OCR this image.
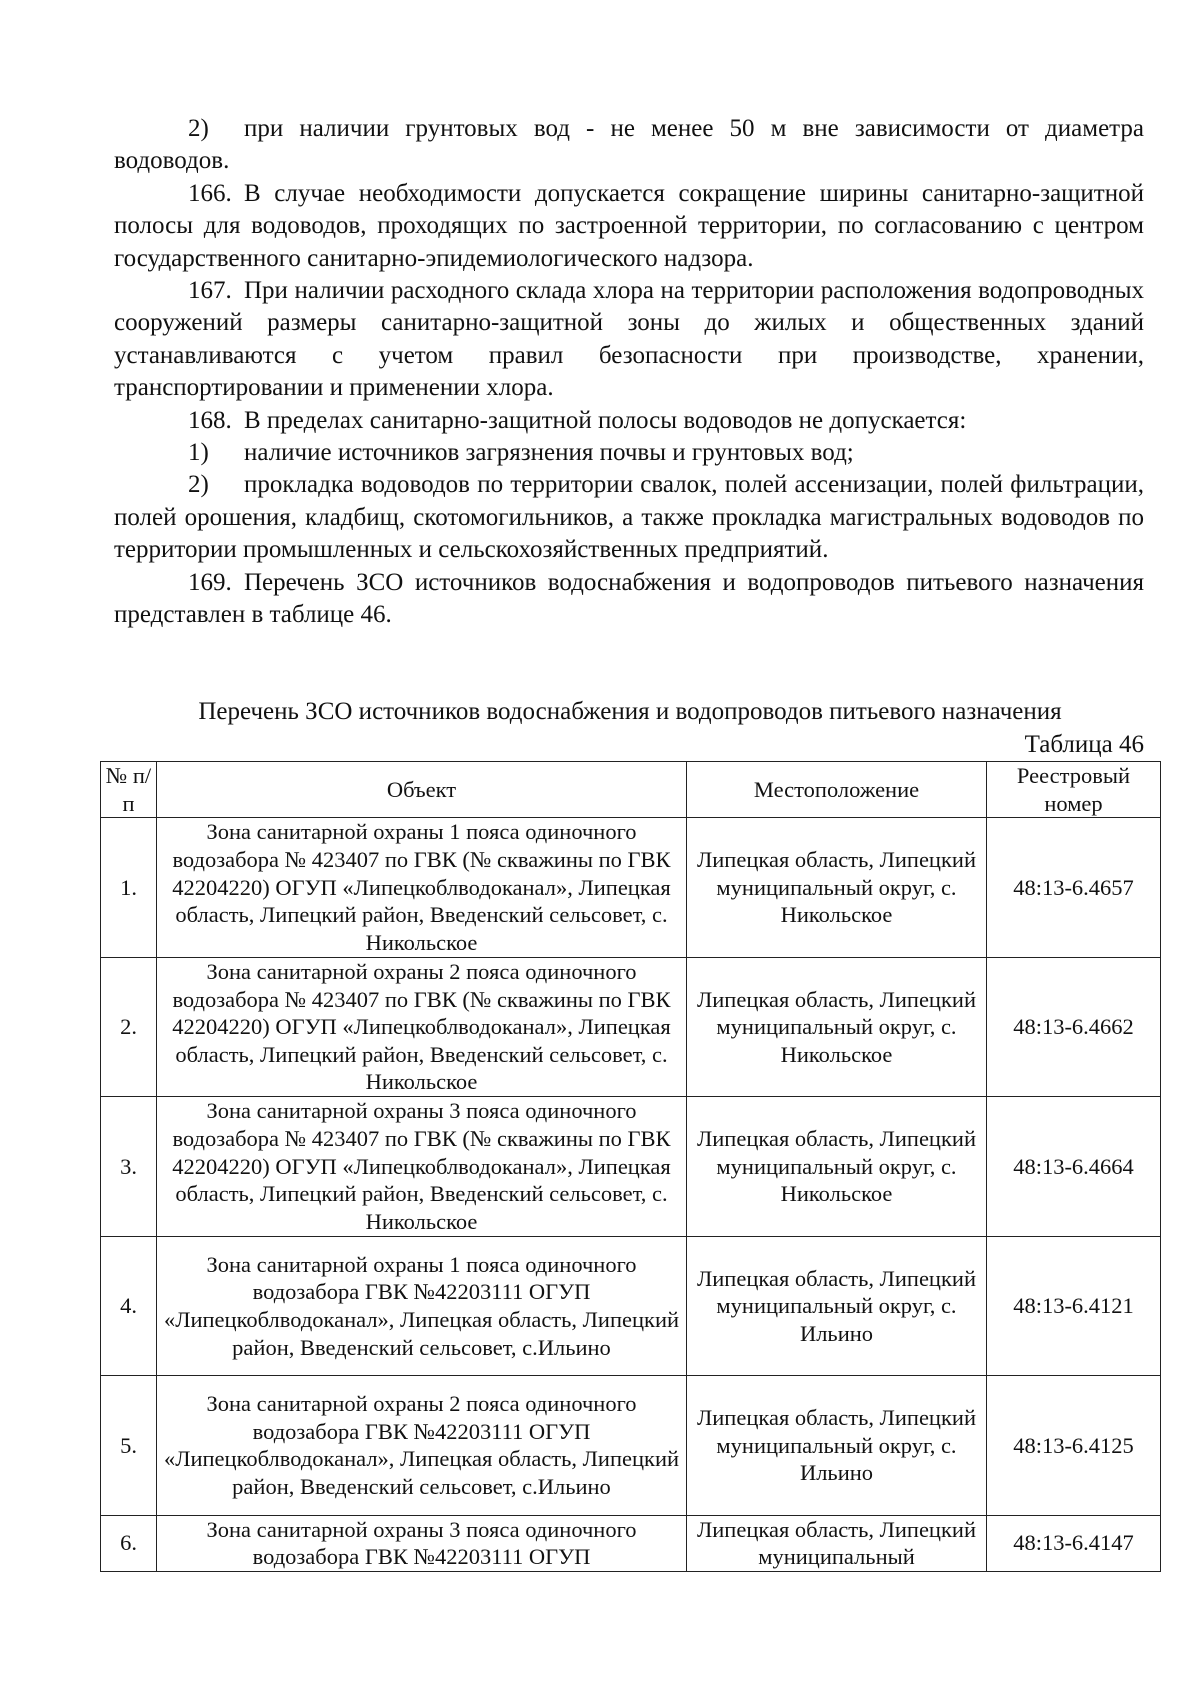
2) при наличии грунтовых вод - не менее 50 м вне зависимости от диаметра водоводов.

166. В случае необходимости допускается сокращение ширины санитарно-защитной полосы для водоводов, проходящих по застроенной территории, по согласованию с центром государственного санитарно-эпидемиологического надзора.

167. При наличии расходного склада хлора на территории расположения водопроводных сооружений размеры санитарно-защитной зоны до жилых и общественных зданий устанавливаются с учетом правил безопасности при производстве, хранении, транспортировании и применении хлора.

168. В пределах санитарно-защитной полосы водоводов не допускается:

1) наличие источников загрязнения почвы и грунтовых вод;

2) прокладка водоводов по территории свалок, полей ассенизации, полей фильтрации, полей орошения, кладбищ, скотомогильников, а также прокладка магистральных водоводов по территории промышленных и сельскохозяйственных предприятий.

169. Перечень ЗСО источников водоснабжения и водопроводов питьевого назначения представлен в таблице 46.

Перечень ЗСО источников водоснабжения и водопроводов питьевого назначения
Таблица 46
№ п/п	Объект	Местоположение	Реестровый номер
1.	Зона санитарной охраны 1 пояса одиночного водозабора № 423407 по ГВК (№ скважины по ГВК 42204220) ОГУП «Липецкоблводоканал», Липецкая область, Липецкий район, Введенский сельсовет, с. Никольское	Липецкая область, Липецкий муниципальный округ, с. Никольское	48:13-6.4657
2.	Зона санитарной охраны 2 пояса одиночного водозабора № 423407 по ГВК (№ скважины по ГВК 42204220) ОГУП «Липецкоблводоканал», Липецкая область, Липецкий район, Введенский сельсовет, с. Никольское	Липецкая область, Липецкий муниципальный округ, с. Никольское	48:13-6.4662
3.	Зона санитарной охраны 3 пояса одиночного водозабора № 423407 по ГВК (№ скважины по ГВК 42204220) ОГУП «Липецкоблводоканал», Липецкая область, Липецкий район, Введенский сельсовет, с. Никольское	Липецкая область, Липецкий муниципальный округ, с. Никольское	48:13-6.4664
4.	Зона санитарной охраны 1 пояса одиночного водозабора ГВК №42203111 ОГУП «Липецкоблводоканал», Липецкая область, Липецкий район, Введенский сельсовет, с.Ильино	Липецкая область, Липецкий муниципальный округ, с. Ильино	48:13-6.4121
5.	Зона санитарной охраны 2 пояса одиночного водозабора ГВК №42203111 ОГУП «Липецкоблводоканал», Липецкая область, Липецкий район, Введенский сельсовет, с.Ильино	Липецкая область, Липецкий муниципальный округ, с. Ильино	48:13-6.4125
6.	Зона санитарной охраны 3 пояса одиночного водозабора ГВК №42203111 ОГУП	Липецкая область, Липецкий муниципальный	48:13-6.4147
